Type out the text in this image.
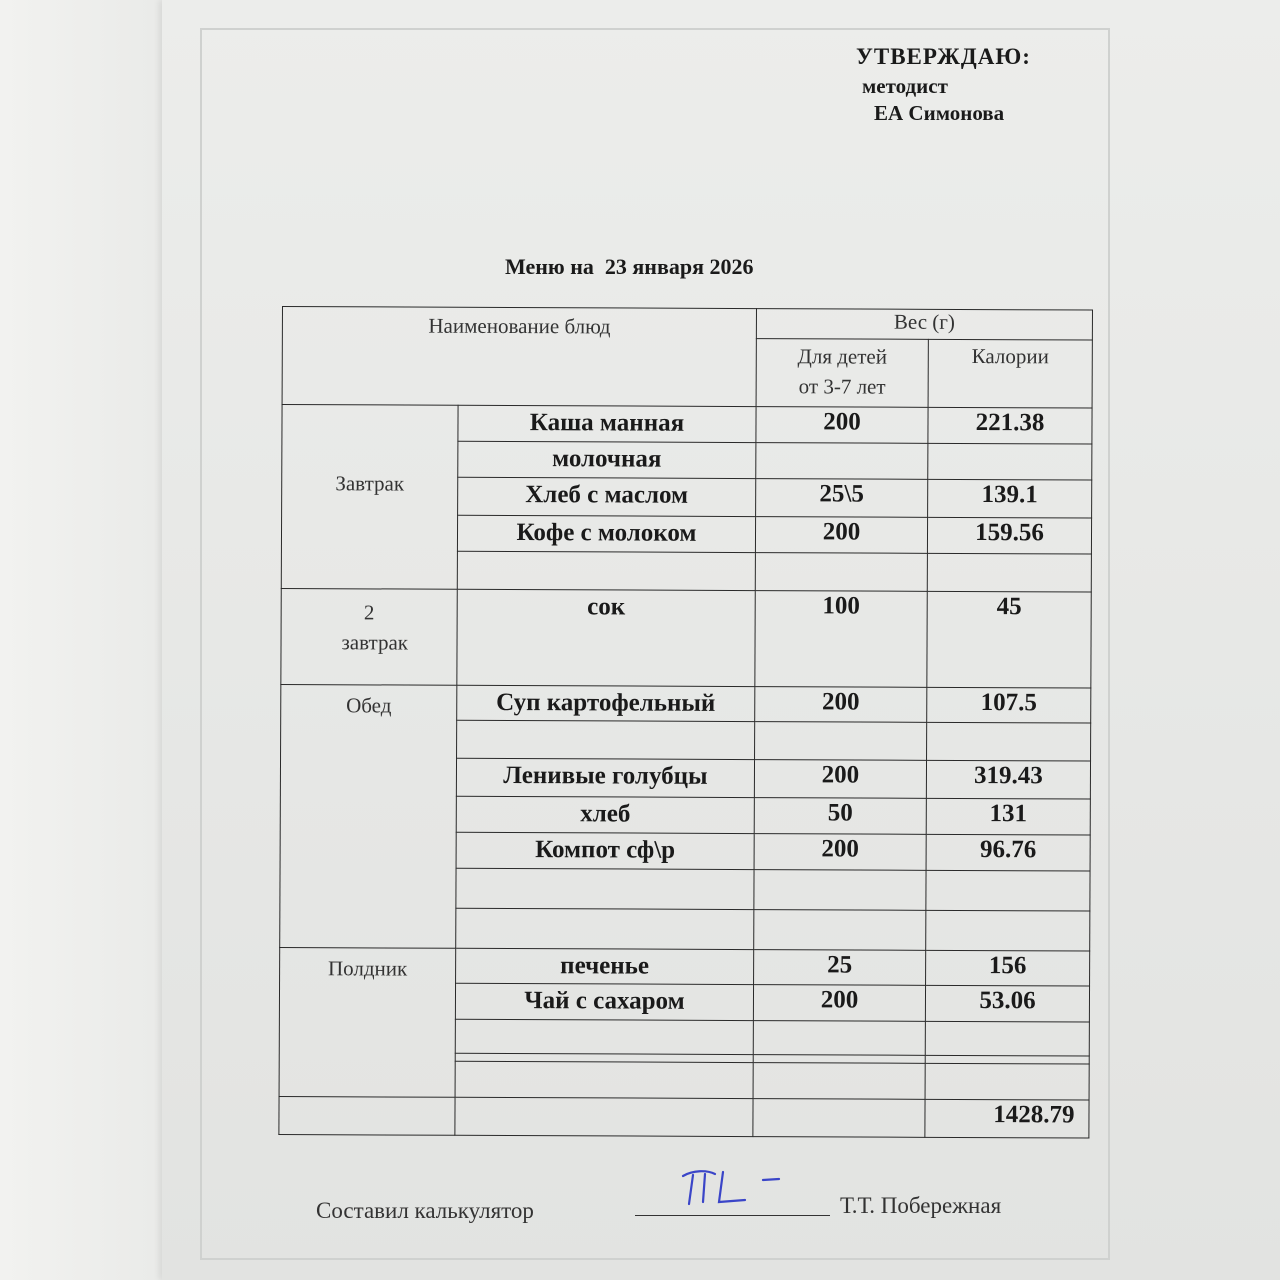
УТВЕРЖДАЮ:
методист
ЕА Симонова
Меню на  23 января 2026
Наименование блюд		Вес (г)	
		Для детей от 3-7 лет	Калории
Завтрак	Каша манная	200	221.38
	молочная		
	Хлеб с маслом	25\5	139.1
	Кофе с молоком	200	159.56

2 завтрак	сок	100	45
Обед	Суп картофельный	200	107.5

	Ленивые голубцы	200	319.43
	хлеб	50	131
	Компот сф\р	200	96.76

Полдник	печенье	25	156
	Чай с сахаром	200	53.06

			1428.79
Составил калькулятор	Т.Т. Побережная
